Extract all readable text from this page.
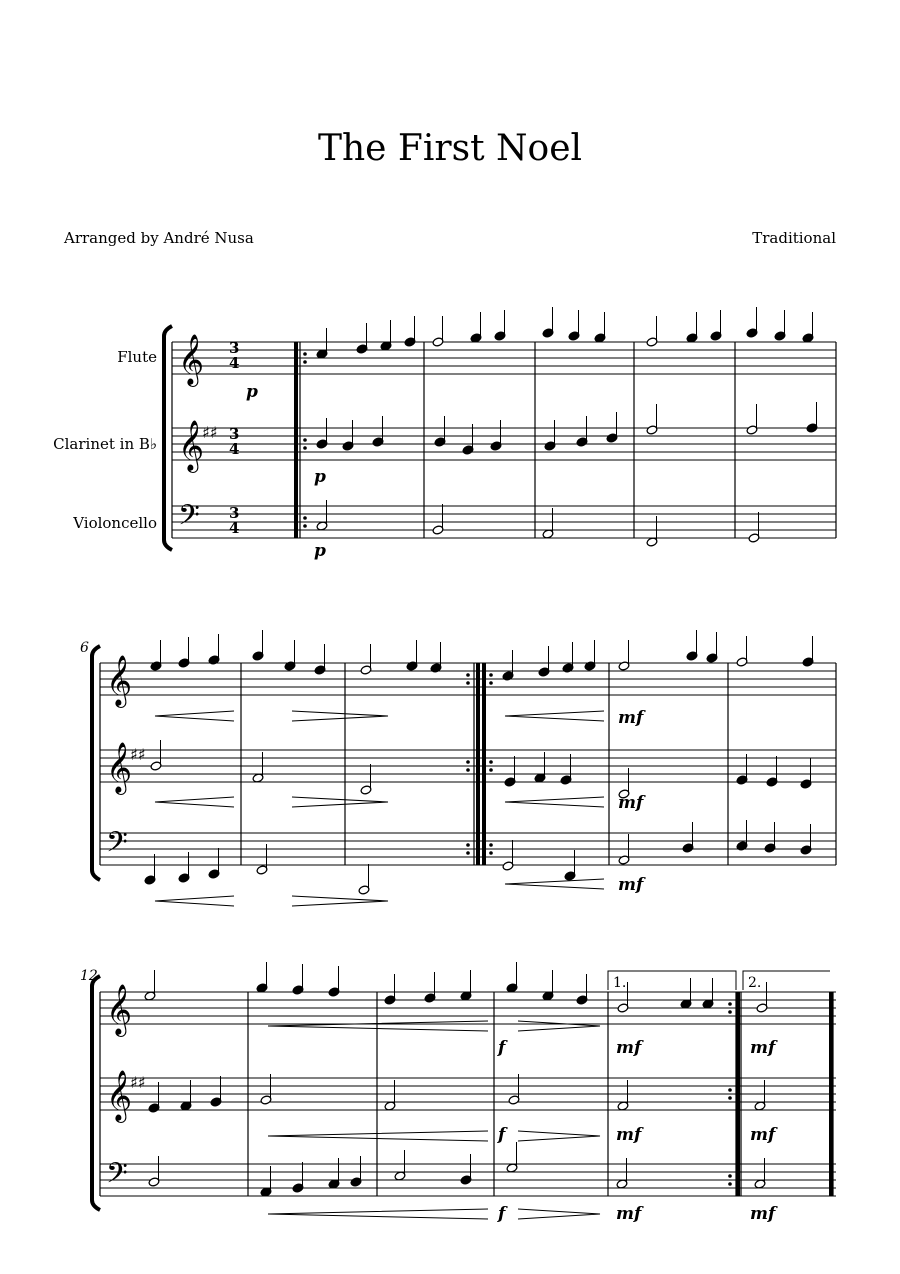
The First Noel
Arranged by André Nusa	Traditional
Flute
Clarinet in B♭
Violoncello
𝄞
𝄞
𝄢
♯♯
𝄞
𝄞
𝄢
♯♯
𝄞
𝄞
𝄢
♯♯
3
4
3
4
3
4
6
12
p
p
p
mf
mf
mf
f
f
f
mf
mf
mf
mf
mf
mf
1.	2.
